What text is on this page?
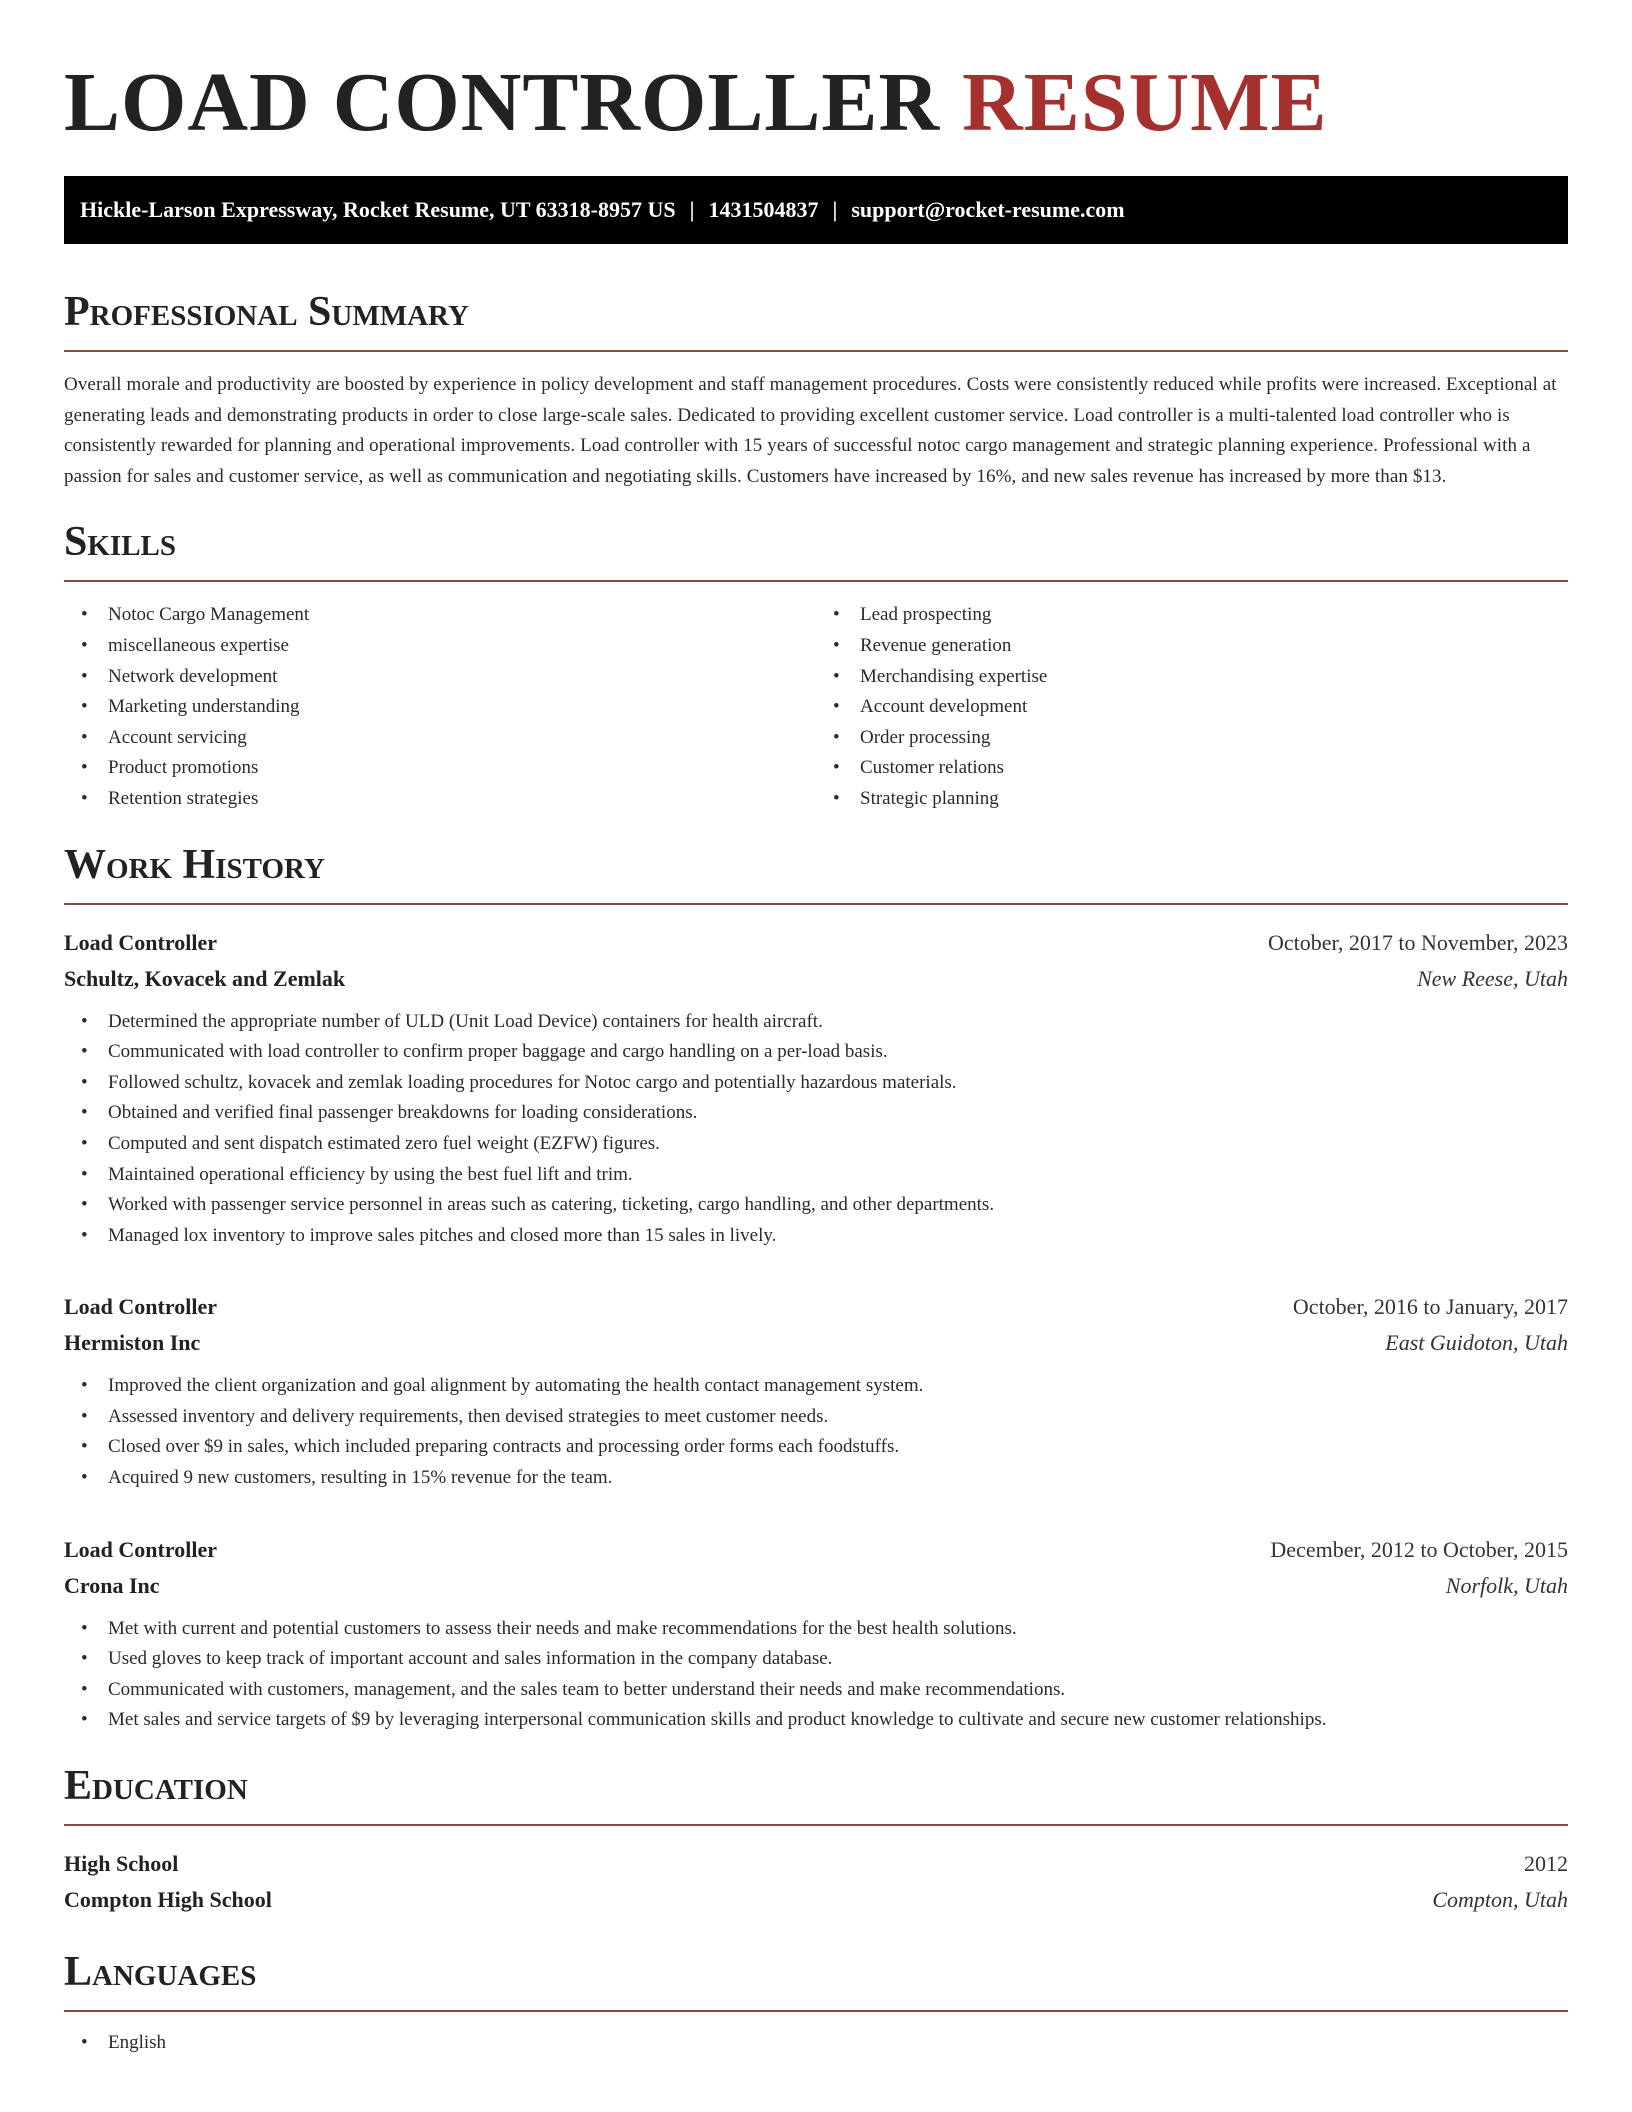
LOAD CONTROLLER RESUME
Hickle-Larson Expressway, Rocket Resume, UT 63318-8957 US | 1431504837 | support@rocket-resume.com
Professional Summary

Overall morale and productivity are boosted by experience in policy development and staff management procedures. Costs were consistently reduced while profits were increased. Exceptional at generating leads and demonstrating products in order to close large-scale sales. Dedicated to providing excellent customer service. Load controller is a multi-talented load controller who is consistently rewarded for planning and operational improvements. Load controller with 15 years of successful notoc cargo management and strategic planning experience. Professional with a passion for sales and customer service, as well as communication and negotiating skills. Customers have increased by 16%, and new sales revenue has increased by more than $13.

Skills
• Notoc Cargo Management
• miscellaneous expertise
• Network development
• Marketing understanding
• Account servicing
• Product promotions
• Retention strategies
• Lead prospecting
• Revenue generation
• Merchandising expertise
• Account development
• Order processing
• Customer relations
• Strategic planning
Work History
Load Controller	October, 2017 to November, 2023
Schultz, Kovacek and Zemlak	New Reese, Utah
• Determined the appropriate number of ULD (Unit Load Device) containers for health aircraft.
• Communicated with load controller to confirm proper baggage and cargo handling on a per-load basis.
• Followed schultz, kovacek and zemlak loading procedures for Notoc cargo and potentially hazardous materials.
• Obtained and verified final passenger breakdowns for loading considerations.
• Computed and sent dispatch estimated zero fuel weight (EZFW) figures.
• Maintained operational efficiency by using the best fuel lift and trim.
• Worked with passenger service personnel in areas such as catering, ticketing, cargo handling, and other departments.
• Managed lox inventory to improve sales pitches and closed more than 15 sales in lively.
Load Controller	October, 2016 to January, 2017
Hermiston Inc	East Guidoton, Utah
• Improved the client organization and goal alignment by automating the health contact management system.
• Assessed inventory and delivery requirements, then devised strategies to meet customer needs.
• Closed over $9 in sales, which included preparing contracts and processing order forms each foodstuffs.
• Acquired 9 new customers, resulting in 15% revenue for the team.
Load Controller	December, 2012 to October, 2015
Crona Inc	Norfolk, Utah
• Met with current and potential customers to assess their needs and make recommendations for the best health solutions.
• Used gloves to keep track of important account and sales information in the company database.
• Communicated with customers, management, and the sales team to better understand their needs and make recommendations.
• Met sales and service targets of $9 by leveraging interpersonal communication skills and product knowledge to cultivate and secure new customer relationships.
Education
High School	2012
Compton High School	Compton, Utah
Languages
• English
